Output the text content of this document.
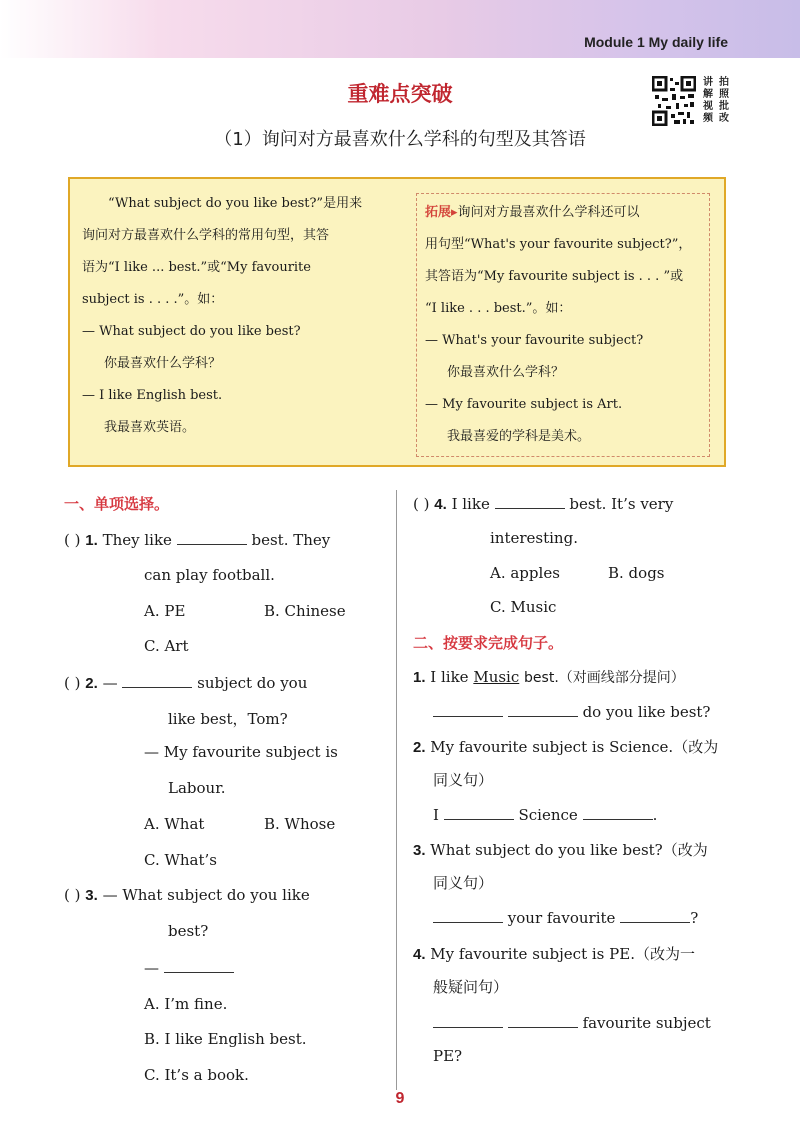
Module 1 My daily life
重难点突破
（1）询问对方最喜欢什么学科的句型及其答语
讲 拍解 照视 批频 改
“What subject do you like best?”是用来
询问对方最喜欢什么学科的常用句型，其答
语为“I like ... best.”或“My favourite
subject is . . . .”。如：
— What subject do you like best?
你最喜欢什么学科？
— I like English best.
我最喜欢英语。
拓展▸询问对方最喜欢什么学科还可以
用句型“What's your favourite subject?”，
其答语为“My favourite subject is . . . ”或
“I like . . . best.”。如：
— What's your favourite subject?
你最喜欢什么学科？
— My favourite subject is Art.
我最喜爱的学科是美术。
一、单项选择。
( ) 1. They like	best. They
can play football.
A. PE	B. Chinese
C. Art
( ) 2. —	subject do you
like best，Tom?
— My favourite subject is
Labour.
A. What	B. Whose
C. What’s
( ) 3. — What subject do you like
best?
—
A. I’m fine.
B. I like English best.
C. It’s a book.
( ) 4. I like	best. It’s very
interesting.
A. apples	B. dogs
C. Music
二、按要求完成句子。
1. I like Music best.（对画线部分提问）
do you like best?
2. My favourite subject is Science.（改为
同义句）
I	Science	.
3. What subject do you like best?（改为
同义句）
your favourite	?
4. My favourite subject is PE.（改为一
般疑问句）
favourite subject
PE?
9
